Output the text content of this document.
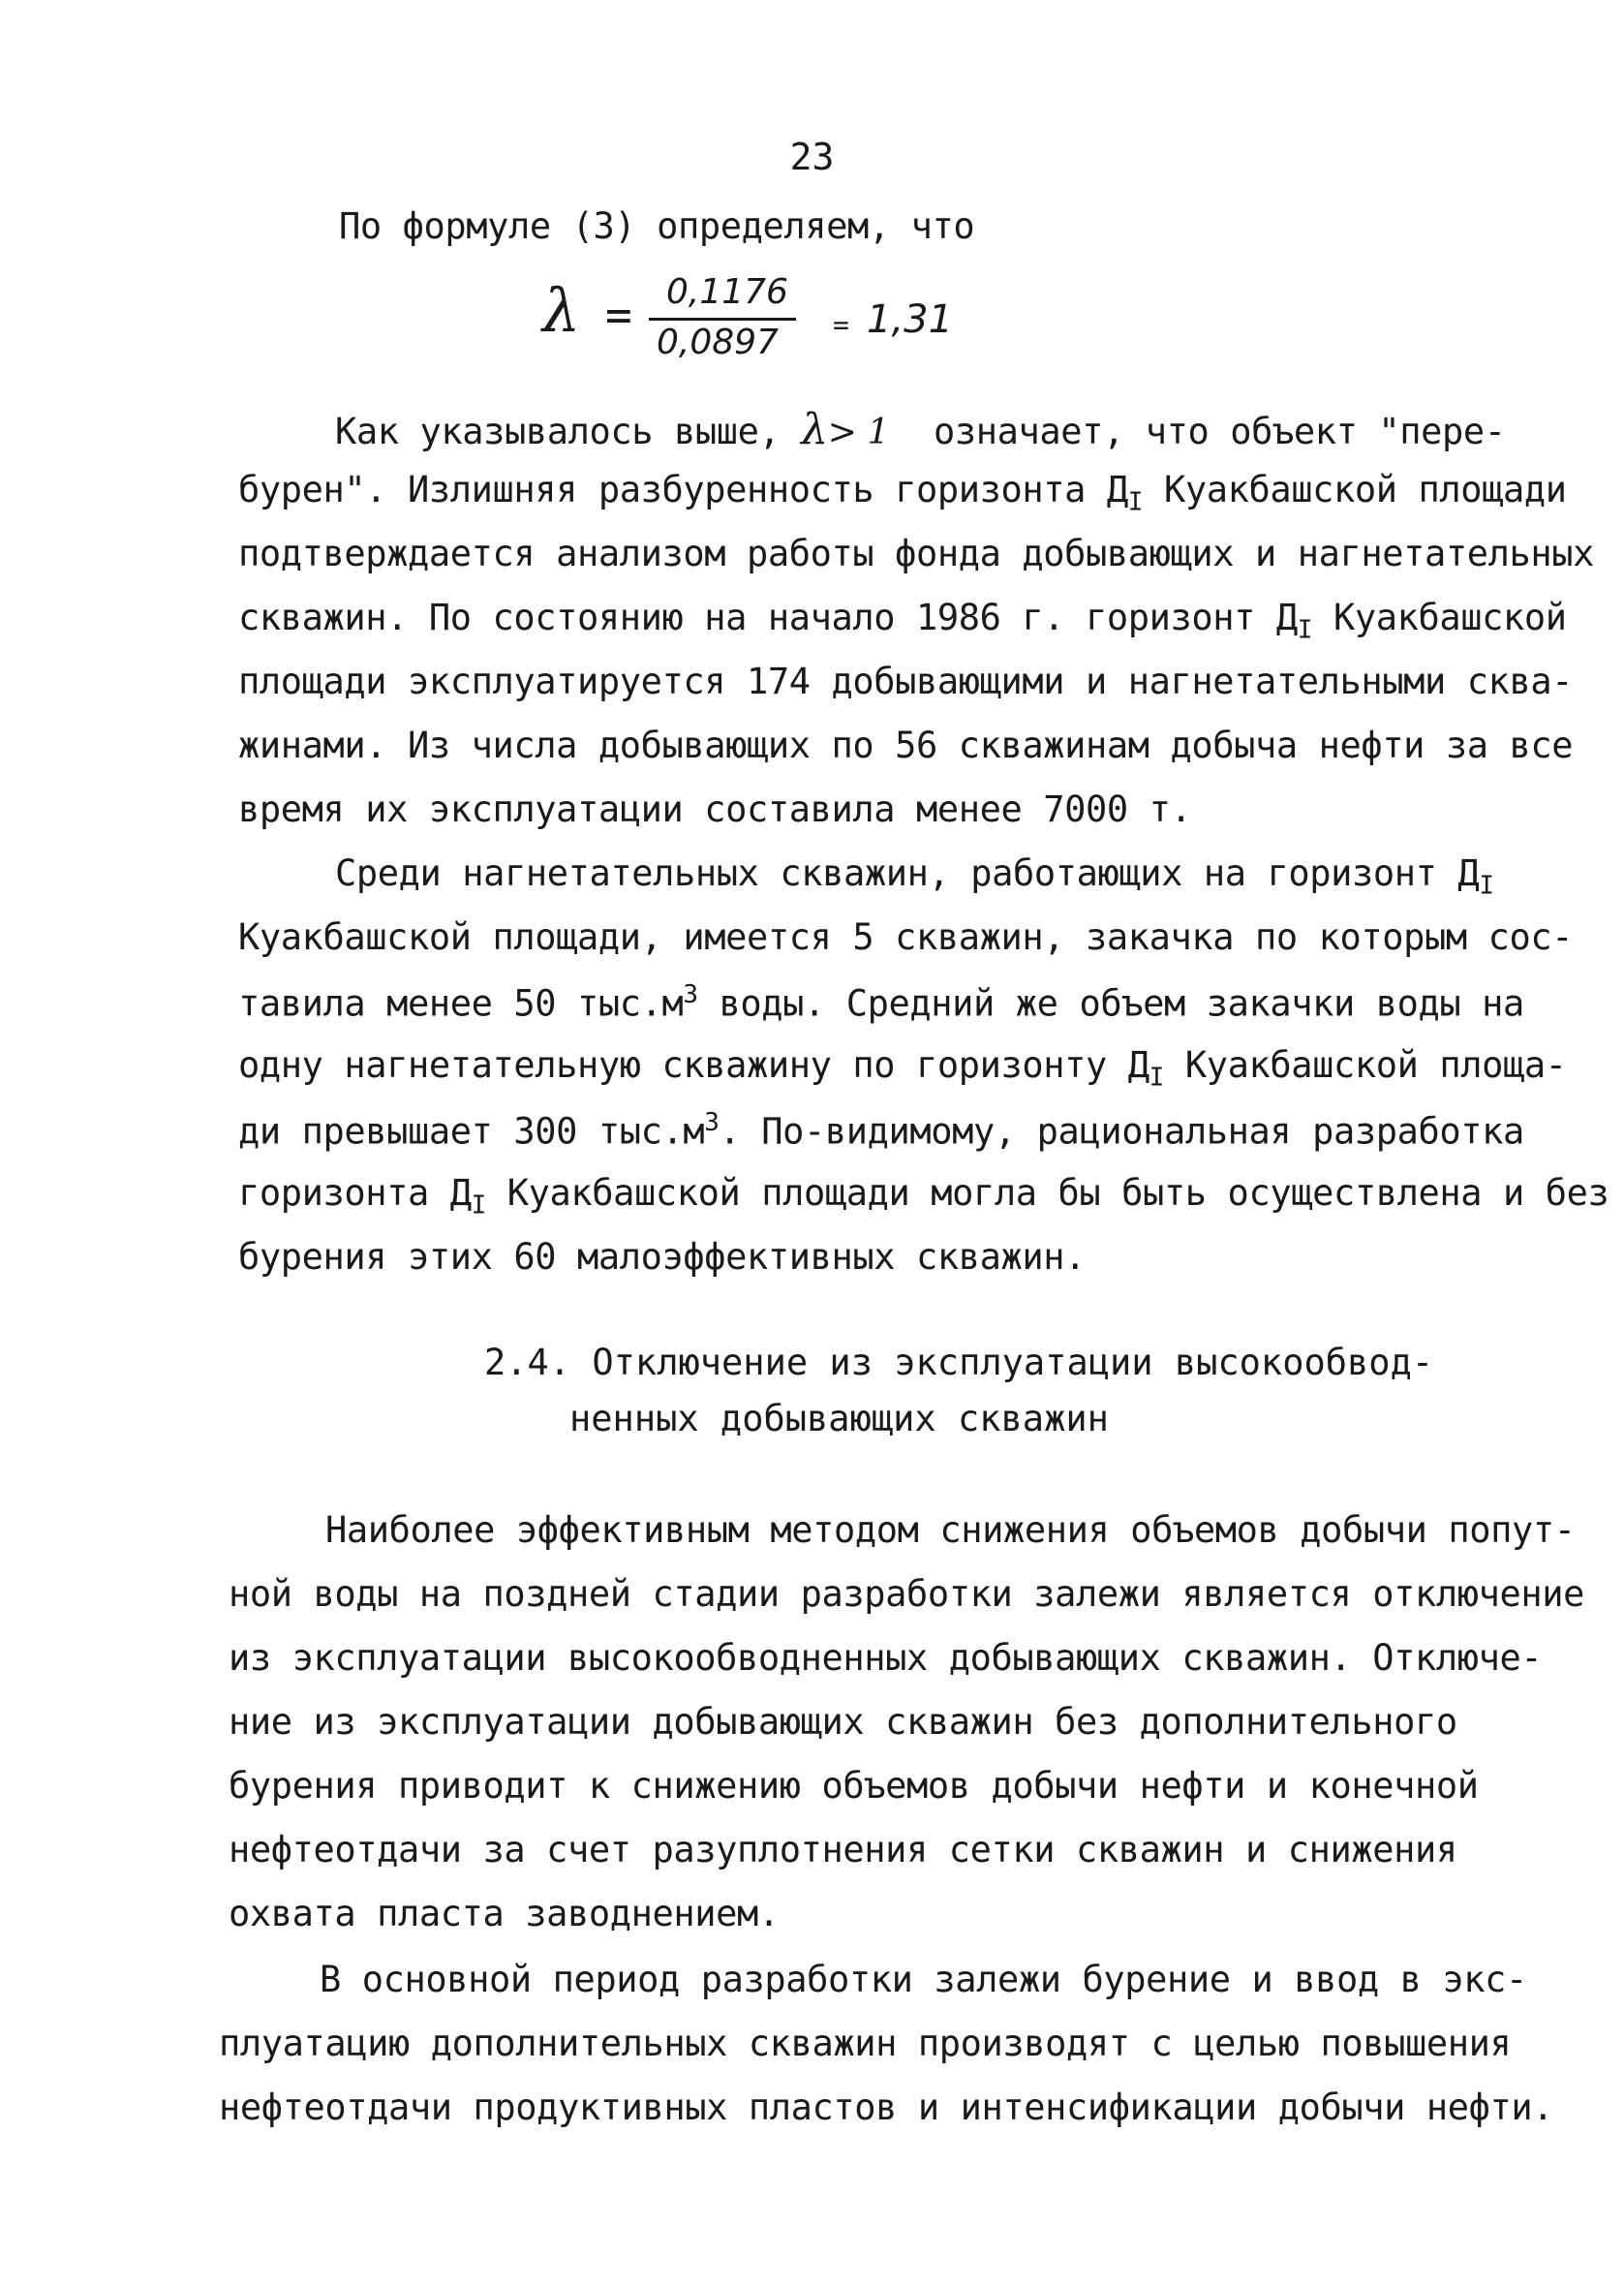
23
По формуле (3) определяем, что
λ = 0,1176
0,0897 = 1,31
Как указывалось выше, λ> 1 означает, что объект "пере-
бурен". Излишняя разбуренность горизонта $Д_I$ Куакбашской площади
подтверждается анализом работы фонда добывающих и нагнетательных
скважин. По состоянию на начало 1986 г. горизонт $Д_I$ Куакбашской
площади эксплуатируется 174 добывающими и нагнетательными сква-
жинами. Из числа добывающих по 56 скважинам добыча нефти за все
время их эксплуатации составила менее 7000 т.
Среди нагнетательных скважин, работающих на горизонт $Д_I$
Куакбашской площади, имеется 5 скважин, закачка по которым сос-
тавила менее 50 $тыс.м^3$ воды. Средний же объем закачки воды на
одну нагнетательную скважину по горизонту $Д_I$ Куакбашской площа-
ди превышает 300 $тыс.м^3$. По-видимому, рациональная разработка
горизонта $Д_I$ Куакбашской площади могла бы быть осуществлена и без
бурения этих 60 малоэффективных скважин.
2.4. Отключение из эксплуатации высокообвод-
ненных добывающих скважин
Наиболее эффективным методом снижения объемов добычи попут-
ной воды на поздней стадии разработки залежи является отключение
из эксплуатации высокообводненных добывающих скважин. Отключе-
ние из эксплуатации добывающих скважин без дополнительного
бурения приводит к снижению объемов добычи нефти и конечной
нефтеотдачи за счет разуплотнения сетки скважин и снижения
охвата пласта заводнением.
В основной период разработки залежи бурение и ввод в экс-
плуатацию дополнительных скважин производят с целью повышения
нефтеотдачи продуктивных пластов и интенсификации добычи нефти.
